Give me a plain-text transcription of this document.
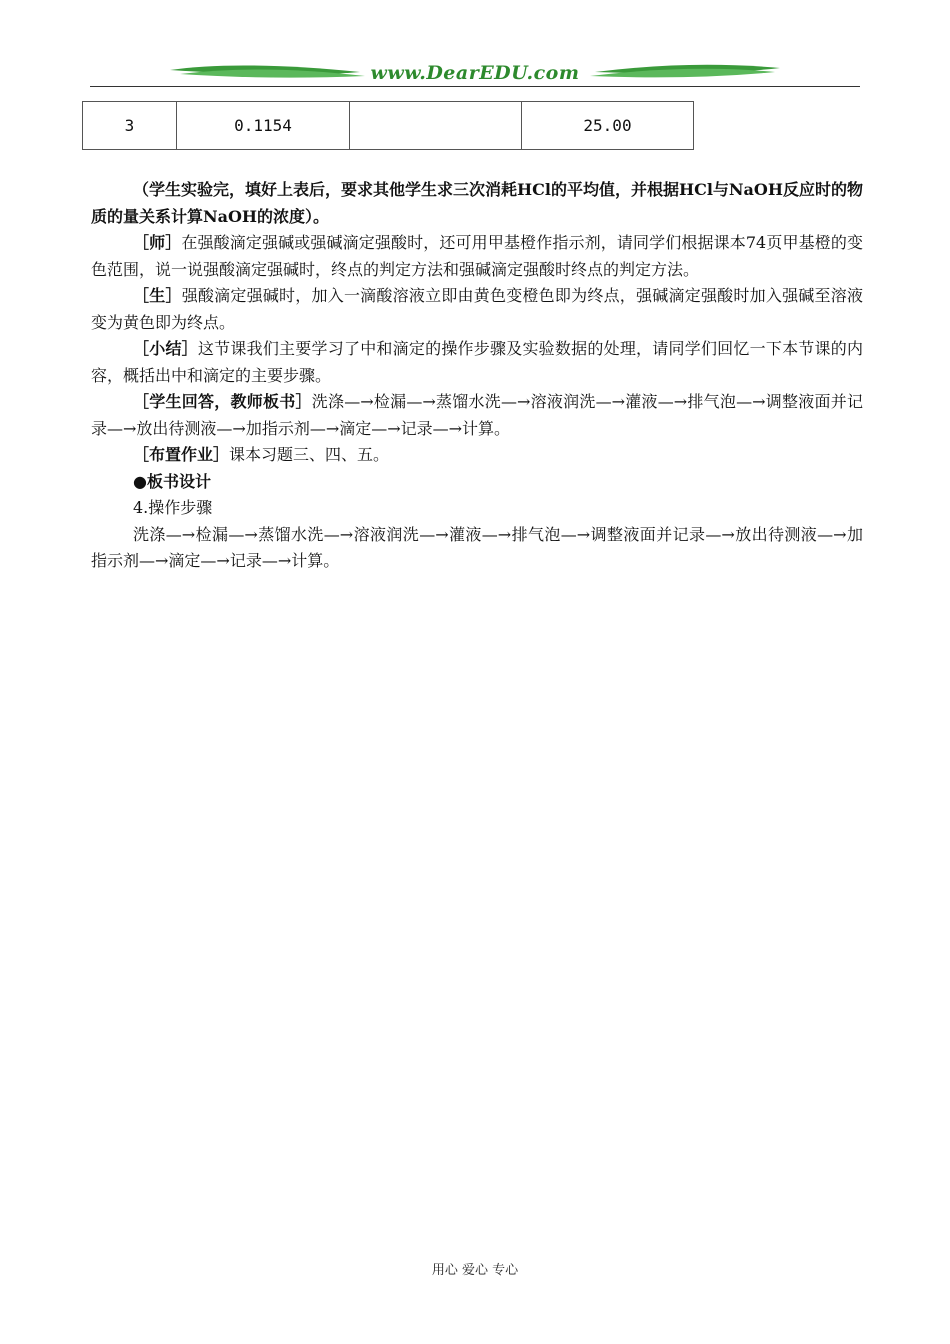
www.DearEDU.com
3	0.1154		25.00

（学生实验完，填好上表后，要求其他学生求三次消耗HCl的平均值，并根据HCl与NaOH反应时的物质的量关系计算NaOH的浓度）。

［师］在强酸滴定强碱或强碱滴定强酸时，还可用甲基橙作指示剂，请同学们根据课本74页甲基橙的变色范围，说一说强酸滴定强碱时，终点的判定方法和强碱滴定强酸时终点的判定方法。

［生］强酸滴定强碱时，加入一滴酸溶液立即由黄色变橙色即为终点，强碱滴定强酸时加入强碱至溶液变为黄色即为终点。

［小结］这节课我们主要学习了中和滴定的操作步骤及实验数据的处理，请同学们回忆一下本节课的内容，概括出中和滴定的主要步骤。

［学生回答，教师板书］洗涤—→检漏—→蒸馏水洗—→溶液润洗—→灌液—→排气泡—→调整液面并记录—→放出待测液—→加指示剂—→滴定—→记录—→计算。

［布置作业］课本习题三、四、五。

●板书设计

4.操作步骤

洗涤—→检漏—→蒸馏水洗—→溶液润洗—→灌液—→排气泡—→调整液面并记录—→放出待测液—→加指示剂—→滴定—→记录—→计算。

用心 爱心 专心
